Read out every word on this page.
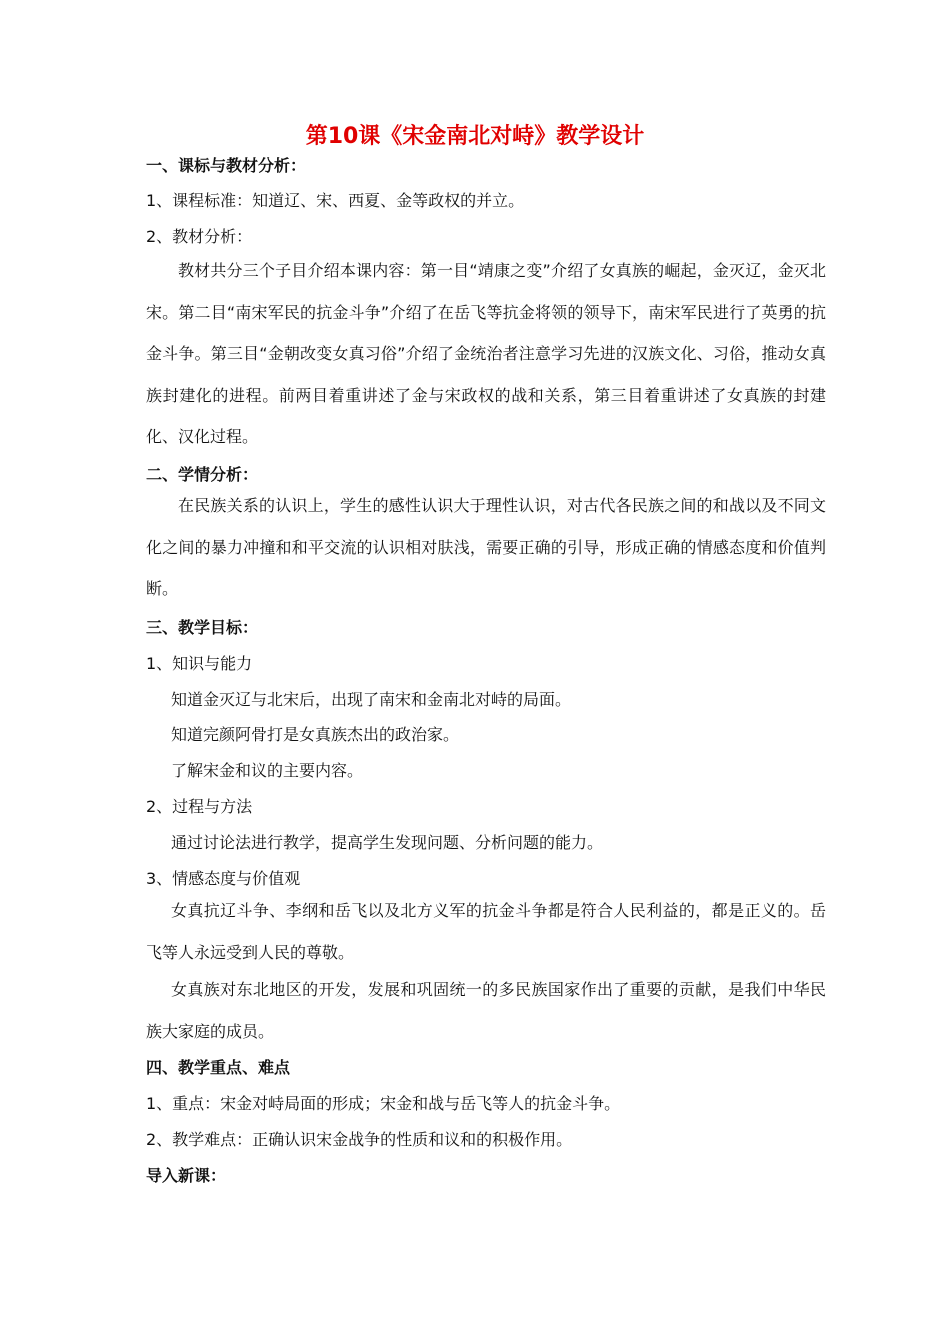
第10课《宋金南北对峙》教学设计
一、课标与教材分析：
1、课程标准：知道辽、宋、西夏、金等政权的并立。
2、教材分析：
教材共分三个子目介绍本课内容：第一目“靖康之变”介绍了女真族的崛起，金灭辽，金灭北宋。第二目“南宋军民的抗金斗争”介绍了在岳飞等抗金将领的领导下，南宋军民进行了英勇的抗金斗争。第三目“金朝改变女真习俗”介绍了金统治者注意学习先进的汉族文化、习俗，推动女真族封建化的进程。前两目着重讲述了金与宋政权的战和关系，第三目着重讲述了女真族的封建化、汉化过程。
二、学情分析：
在民族关系的认识上，学生的感性认识大于理性认识，对古代各民族之间的和战以及不同文化之间的暴力冲撞和和平交流的认识相对肤浅，需要正确的引导，形成正确的情感态度和价值判断。
三、教学目标：
1、知识与能力
知道金灭辽与北宋后，出现了南宋和金南北对峙的局面。
知道完颜阿骨打是女真族杰出的政治家。
了解宋金和议的主要内容。
2、过程与方法
通过讨论法进行教学，提高学生发现问题、分析问题的能力。
3、情感态度与价值观
女真抗辽斗争、李纲和岳飞以及北方义军的抗金斗争都是符合人民利益的，都是正义的。岳飞等人永远受到人民的尊敬。
女真族对东北地区的开发，发展和巩固统一的多民族国家作出了重要的贡献，是我们中华民族大家庭的成员。
四、教学重点、难点
1、重点：宋金对峙局面的形成；宋金和战与岳飞等人的抗金斗争。
2、教学难点：正确认识宋金战争的性质和议和的积极作用。
导入新课：
